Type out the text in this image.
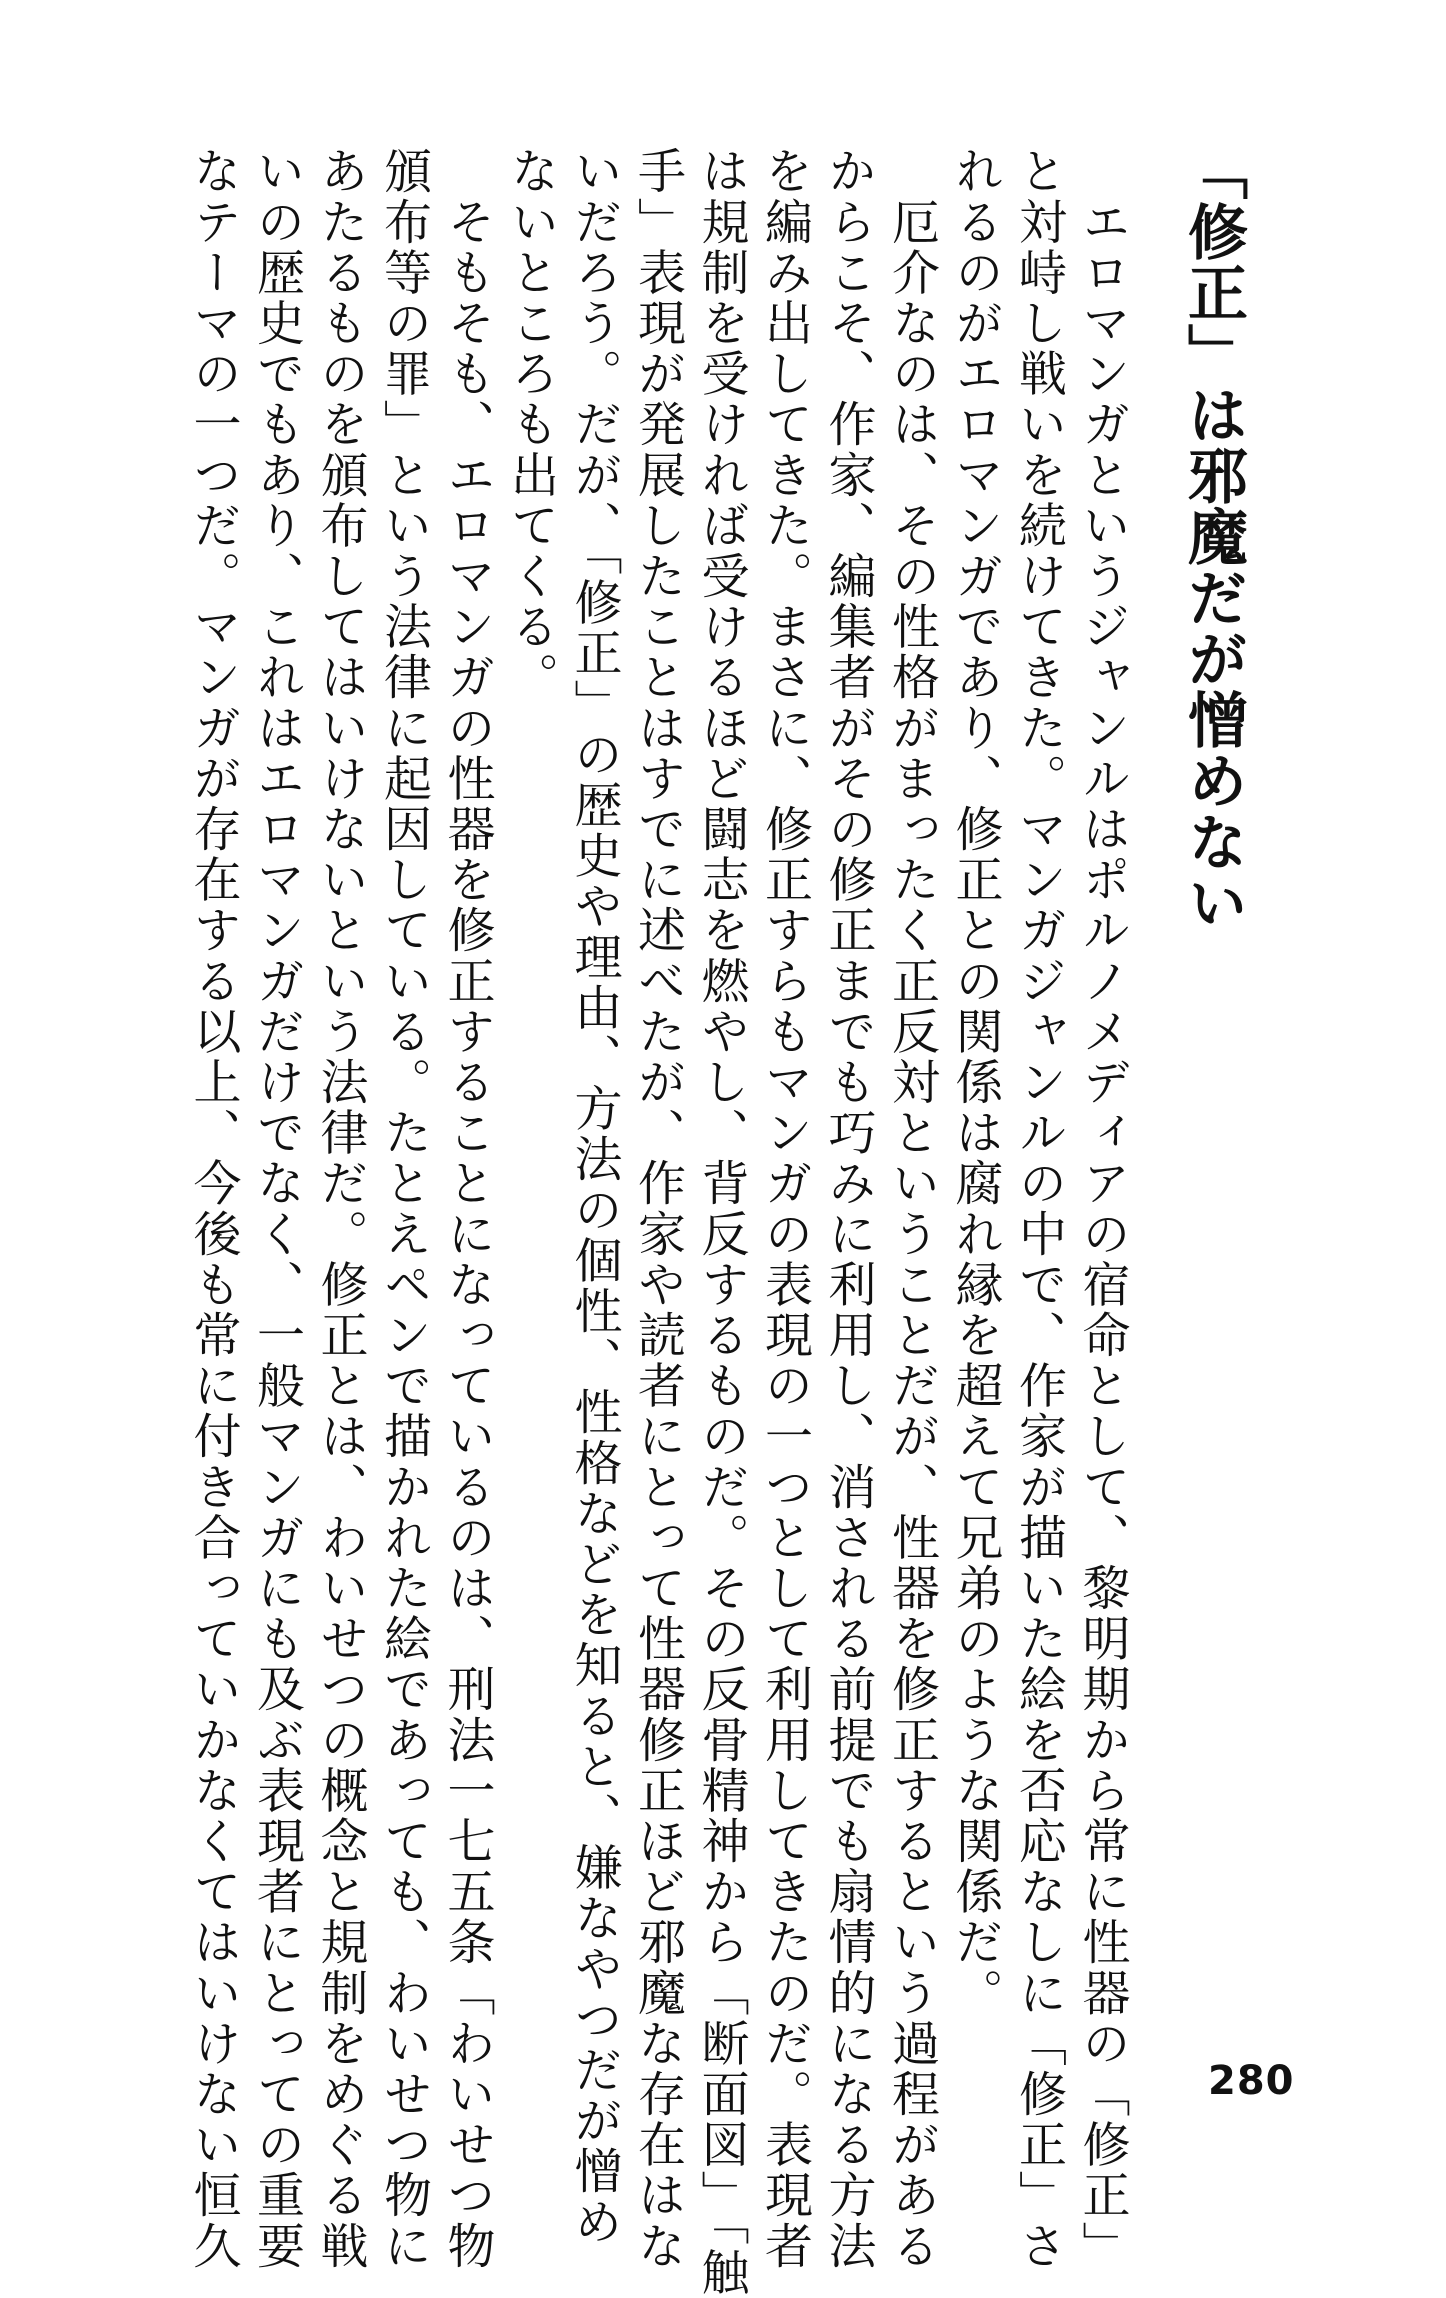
「修正」は邪魔だが憎めない
　エロマンガというジャンルはポルノメディアの宿命として、黎明期から常に性器の「修正」
と対峙し戦いを続けてきた。マンガジャンルの中で、作家が描いた絵を否応なしに「修正」さ
れるのがエロマンガであり、修正との関係は腐れ縁を超えて兄弟のような関係だ。
　厄介なのは、その性格がまったく正反対ということだが、性器を修正するという過程がある
からこそ、作家、編集者がその修正までも巧みに利用し、消される前提でも扇情的になる方法
を編み出してきた。まさに、修正すらもマンガの表現の一つとして利用してきたのだ。表現者
は規制を受ければ受けるほど闘志を燃やし、背反するものだ。その反骨精神から「断面図」「触
手」表現が発展したことはすでに述べたが、作家や読者にとって性器修正ほど邪魔な存在はな
いだろう。だが、「修正」の歴史や理由、方法の個性、性格などを知ると、嫌なやつだが憎め
ないところも出てくる。
　そもそも、エロマンガの性器を修正することになっているのは、刑法一七五条「わいせつ物
頒布等の罪」という法律に起因している。たとえペンで描かれた絵であっても、わいせつ物に
あたるものを頒布してはいけないという法律だ。修正とは、わいせつの概念と規制をめぐる戦
いの歴史でもあり、これはエロマンガだけでなく、一般マンガにも及ぶ表現者にとっての重要
なテーマの一つだ。マンガが存在する以上、今後も常に付き合っていかなくてはいけない恒久	280
